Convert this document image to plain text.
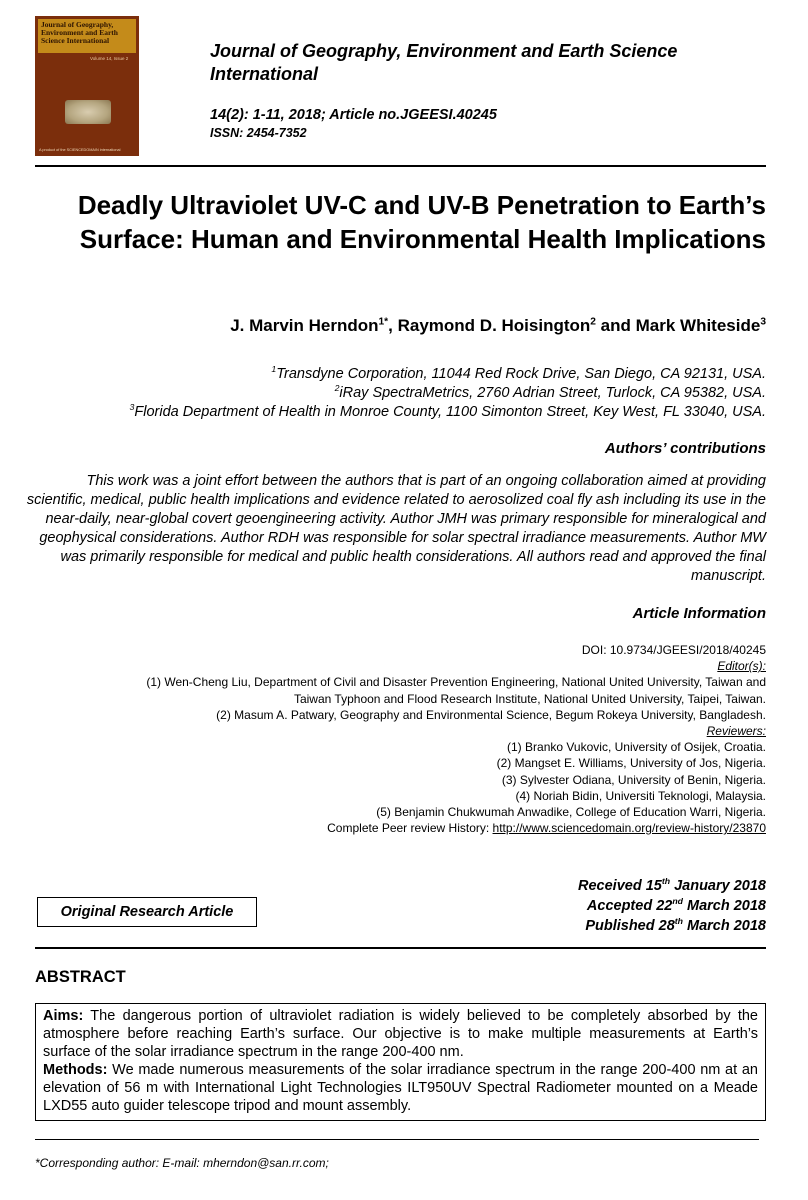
Journal of Geography, Environment and Earth Science International
Volume 14, Issue 2
A product of the SCIENCEDOMAIN international
Journal of Geography, Environment and Earth Science International
14(2): 1-11, 2018; Article no.JGEESI.40245
ISSN: 2454-7352
Deadly Ultraviolet UV-C and UV-B Penetration to Earth’s Surface: Human and Environmental Health Implications
J. Marvin Herndon$^{1*}$, Raymond D. Hoisington$^2$ and Mark Whiteside$^3$
$^1$Transdyne Corporation, 11044 Red Rock Drive, San Diego, CA 92131, USA.
$^2$iRay SpectraMetrics, 2760 Adrian Street, Turlock, CA 95382, USA.
$^3$Florida Department of Health in Monroe County, 1100 Simonton Street, Key West, FL 33040, USA.
Authors’ contributions
This work was a joint effort between the authors that is part of an ongoing collaboration aimed at providing scientific, medical, public health implications and evidence related to aerosolized coal fly ash including its use in the near-daily, near-global covert geoengineering activity. Author JMH was primary responsible for mineralogical and geophysical considerations. Author RDH was responsible for solar spectral irradiance measurements. Author MW was primarily responsible for medical and public health considerations. All authors read and approved the final manuscript.
Article Information
DOI: 10.9734/JGEESI/2018/40245
Editor(s):
(1) Wen-Cheng Liu, Department of Civil and Disaster Prevention Engineering, National United University, Taiwan and
Taiwan Typhoon and Flood Research Institute, National United University, Taipei, Taiwan.
(2) Masum A. Patwary, Geography and Environmental Science, Begum Rokeya University, Bangladesh.
Reviewers:
(1) Branko Vukovic, University of Osijek, Croatia.
(2) Mangset E. Williams, University of Jos, Nigeria.
(3) Sylvester Odiana, University of Benin, Nigeria.
(4) Noriah Bidin, Universiti Teknologi, Malaysia.
(5) Benjamin Chukwumah Anwadike, College of Education Warri, Nigeria.
Complete Peer review History: http://www.sciencedomain.org/review-history/23870
Received 15th January 2018
Accepted 22nd March 2018
Published 28th March 2018
Original Research Article
ABSTRACT

Aims: The dangerous portion of ultraviolet radiation is widely believed to be completely absorbed by the atmosphere before reaching Earth’s surface. Our objective is to make multiple measurements at Earth’s surface of the solar irradiance spectrum in the range 200-400 nm.

Methods: We made numerous measurements of the solar irradiance spectrum in the range 200-400 nm at an elevation of 56 m with International Light Technologies ILT950UV Spectral Radiometer mounted on a Meade LXD55 auto guider telescope tripod and mount assembly.

*Corresponding author: E-mail: mherndon@san.rr.com;
